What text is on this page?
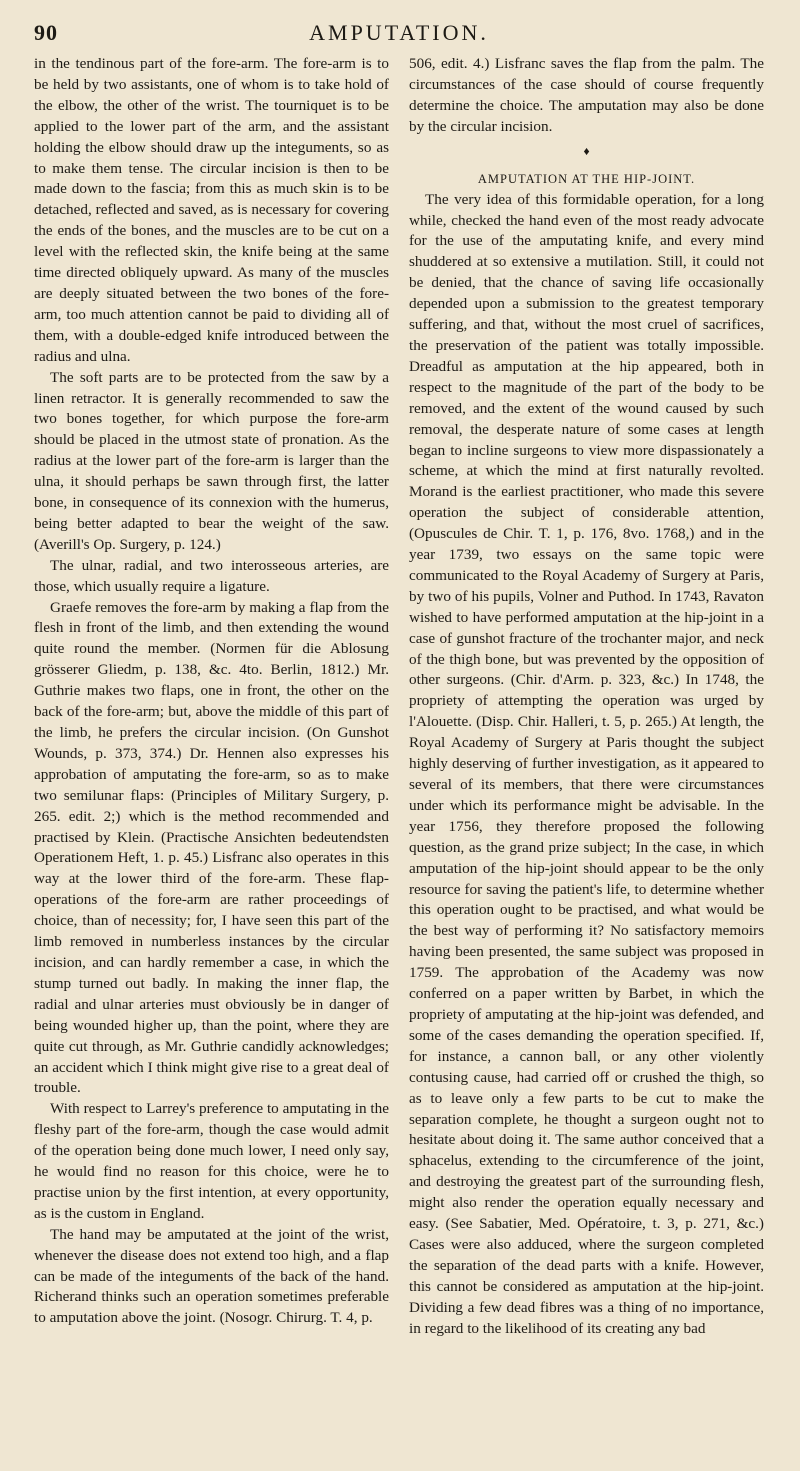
90	AMPUTATION.

in the tendinous part of the fore-arm. The fore-arm is to be held by two assistants, one of whom is to take hold of the elbow, the other of the wrist. The tourniquet is to be applied to the lower part of the arm, and the assistant holding the elbow should draw up the integuments, so as to make them tense. The circular incision is then to be made down to the fascia; from this as much skin is to be detached, reflected and saved, as is necessary for covering the ends of the bones, and the muscles are to be cut on a level with the reflected skin, the knife being at the same time directed obliquely upward. As many of the muscles are deeply situated between the two bones of the fore-arm, too much attention cannot be paid to dividing all of them, with a double-edged knife introduced between the radius and ulna.

The soft parts are to be protected from the saw by a linen retractor. It is generally recommended to saw the two bones together, for which purpose the fore-arm should be placed in the utmost state of pronation. As the radius at the lower part of the fore-arm is larger than the ulna, it should perhaps be sawn through first, the latter bone, in consequence of its connexion with the humerus, being better adapted to bear the weight of the saw. (Averill's Op. Surgery, p. 124.)

The ulnar, radial, and two interosseous arteries, are those, which usually require a ligature.

Graefe removes the fore-arm by making a flap from the flesh in front of the limb, and then extending the wound quite round the member. (Normen für die Ablosung grösserer Gliedm, p. 138, &c. 4to. Berlin, 1812.) Mr. Guthrie makes two flaps, one in front, the other on the back of the fore-arm; but, above the middle of this part of the limb, he prefers the circular incision. (On Gunshot Wounds, p. 373, 374.) Dr. Hennen also expresses his approbation of amputating the fore-arm, so as to make two semilunar flaps: (Principles of Military Surgery, p. 265. edit. 2;) which is the method recommended and practised by Klein. (Practische Ansichten bedeutendsten Operationem Heft, 1. p. 45.) Lisfranc also operates in this way at the lower third of the fore-arm. These flap-operations of the fore-arm are rather proceedings of choice, than of necessity; for, I have seen this part of the limb removed in numberless instances by the circular incision, and can hardly remember a case, in which the stump turned out badly. In making the inner flap, the radial and ulnar arteries must obviously be in danger of being wounded higher up, than the point, where they are quite cut through, as Mr. Guthrie candidly acknowledges; an accident which I think might give rise to a great deal of trouble.

With respect to Larrey's preference to amputating in the fleshy part of the fore-arm, though the case would admit of the operation being done much lower, I need only say, he would find no reason for this choice, were he to practise union by the first intention, at every opportunity, as is the custom in England.

The hand may be amputated at the joint of the wrist, whenever the disease does not extend too high, and a flap can be made of the integuments of the back of the hand. Richerand thinks such an operation sometimes preferable to amputation above the joint. (Nosogr. Chirurg. T. 4, p.

506, edit. 4.) Lisfranc saves the flap from the palm. The circumstances of the case should of course frequently determine the choice. The amputation may also be done by the circular incision.

♦
AMPUTATION AT THE HIP-JOINT.

The very idea of this formidable operation, for a long while, checked the hand even of the most ready advocate for the use of the amputating knife, and every mind shuddered at so extensive a mutilation. Still, it could not be denied, that the chance of saving life occasionally depended upon a submission to the greatest temporary suffering, and that, without the most cruel of sacrifices, the preservation of the patient was totally impossible. Dreadful as amputation at the hip appeared, both in respect to the magnitude of the part of the body to be removed, and the extent of the wound caused by such removal, the desperate nature of some cases at length began to incline surgeons to view more dispassionately a scheme, at which the mind at first naturally revolted. Morand is the earliest practitioner, who made this severe operation the subject of considerable attention, (Opuscules de Chir. T. 1, p. 176, 8vo. 1768,) and in the year 1739, two essays on the same topic were communicated to the Royal Academy of Surgery at Paris, by two of his pupils, Volner and Puthod. In 1743, Ravaton wished to have performed amputation at the hip-joint in a case of gunshot fracture of the trochanter major, and neck of the thigh bone, but was prevented by the opposition of other surgeons. (Chir. d'Arm. p. 323, &c.) In 1748, the propriety of attempting the operation was urged by l'Alouette. (Disp. Chir. Halleri, t. 5, p. 265.) At length, the Royal Academy of Surgery at Paris thought the subject highly deserving of further investigation, as it appeared to several of its members, that there were circumstances under which its performance might be advisable. In the year 1756, they therefore proposed the following question, as the grand prize subject; In the case, in which amputation of the hip-joint should appear to be the only resource for saving the patient's life, to determine whether this operation ought to be practised, and what would be the best way of performing it? No satisfactory memoirs having been presented, the same subject was proposed in 1759. The approbation of the Academy was now conferred on a paper written by Barbet, in which the propriety of amputating at the hip-joint was defended, and some of the cases demanding the operation specified. If, for instance, a cannon ball, or any other violently contusing cause, had carried off or crushed the thigh, so as to leave only a few parts to be cut to make the separation complete, he thought a surgeon ought not to hesitate about doing it. The same author conceived that a sphacelus, extending to the circumference of the joint, and destroying the greatest part of the surrounding flesh, might also render the operation equally necessary and easy. (See Sabatier, Med. Opératoire, t. 3, p. 271, &c.) Cases were also adduced, where the surgeon completed the separation of the dead parts with a knife. However, this cannot be considered as amputation at the hip-joint. Dividing a few dead fibres was a thing of no importance, in regard to the likelihood of its creating any bad
